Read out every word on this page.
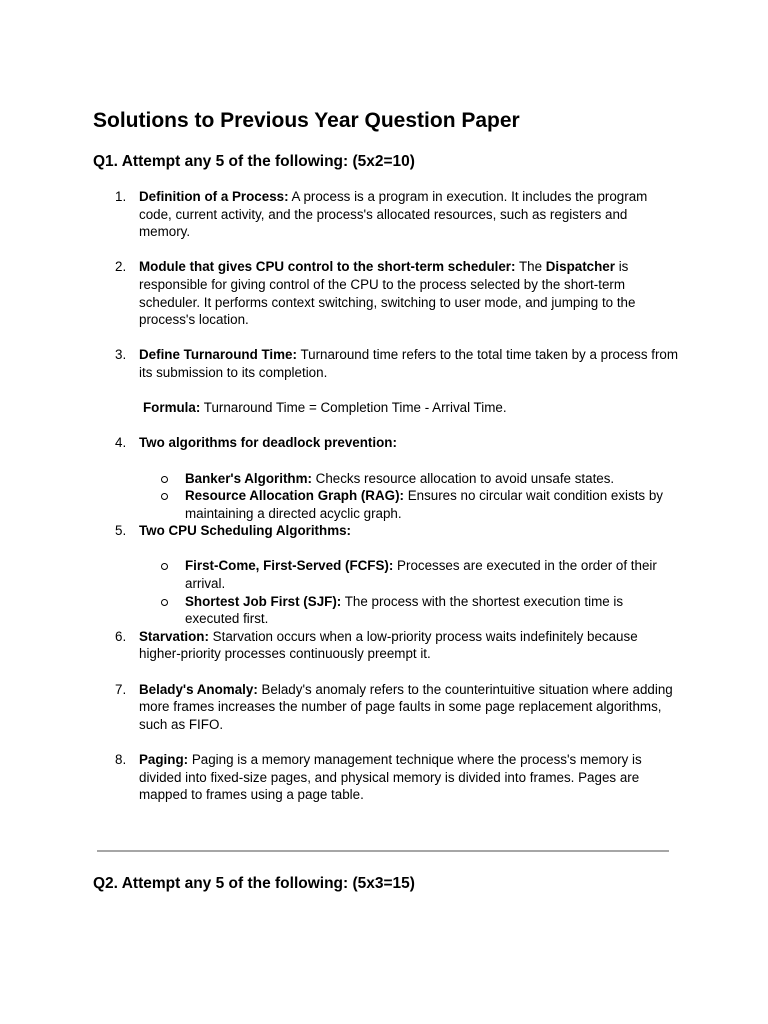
Solutions to Previous Year Question Paper
Q1. Attempt any 5 of the following: (5x2=10)
1. Definition of a Process: A process is a program in execution. It includes the program code, current activity, and the process's allocated resources, such as registers and memory.

2. Module that gives CPU control to the short-term scheduler: The Dispatcher is responsible for giving control of the CPU to the process selected by the short-term scheduler. It performs context switching, switching to user mode, and jumping to the process's location.

3. Define Turnaround Time: Turnaround time refers to the total time taken by a process from its submission to its completion.

Formula: Turnaround Time = Completion Time - Arrival Time.

4. Two algorithms for deadlock prevention:

Banker's Algorithm: Checks resource allocation to avoid unsafe states.
Resource Allocation Graph (RAG): Ensures no circular wait condition exists by maintaining a directed acyclic graph.
5. Two CPU Scheduling Algorithms:

First-Come, First-Served (FCFS): Processes are executed in the order of their arrival.
Shortest Job First (SJF): The process with the shortest execution time is executed first.
6. Starvation: Starvation occurs when a low-priority process waits indefinitely because higher-priority processes continuously preempt it.

7. Belady's Anomaly: Belady's anomaly refers to the counterintuitive situation where adding more frames increases the number of page faults in some page replacement algorithms, such as FIFO.

8. Paging: Paging is a memory management technique where the process's memory is divided into fixed-size pages, and physical memory is divided into frames. Pages are mapped to frames using a page table.

Q2. Attempt any 5 of the following: (5x3=15)
